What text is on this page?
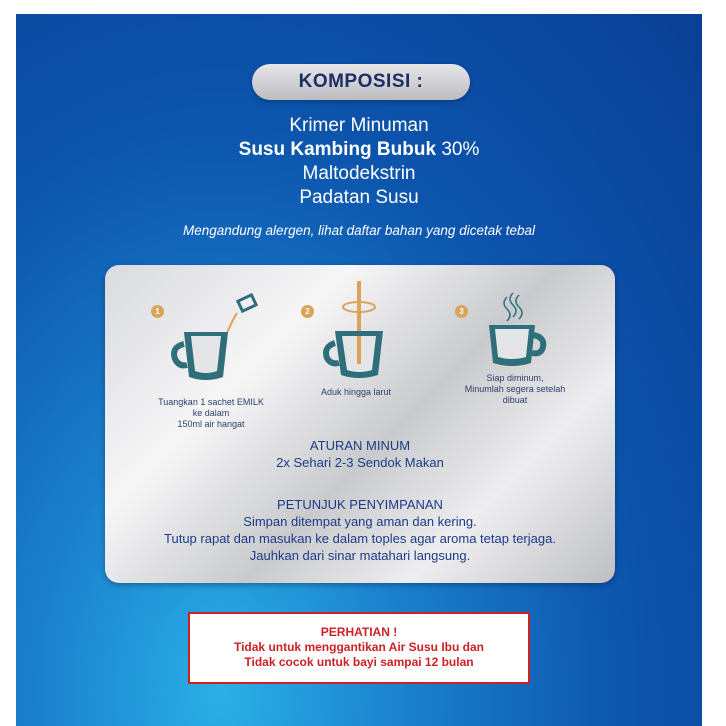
KOMPOSISI :
Krimer Minuman
Susu Kambing Bubuk 30%
Maltodekstrin
Padatan Susu
Mengandung alergen, lihat daftar bahan yang dicetak tebal
1
Tuangkan 1 sachet EMILK
ke dalam
150ml air hangat
2
Aduk hingga larut
3
Siap diminum,
Minumlah segera setelah
dibuat
ATURAN MINUM
2x Sehari 2-3 Sendok Makan
PETUNJUK PENYIMPANAN
Simpan ditempat yang aman dan kering.
Tutup rapat dan masukan ke dalam toples agar aroma tetap terjaga.
Jauhkan dari sinar matahari langsung.
PERHATIAN !
Tidak untuk menggantikan Air Susu Ibu dan
Tidak cocok untuk bayi sampai 12 bulan
